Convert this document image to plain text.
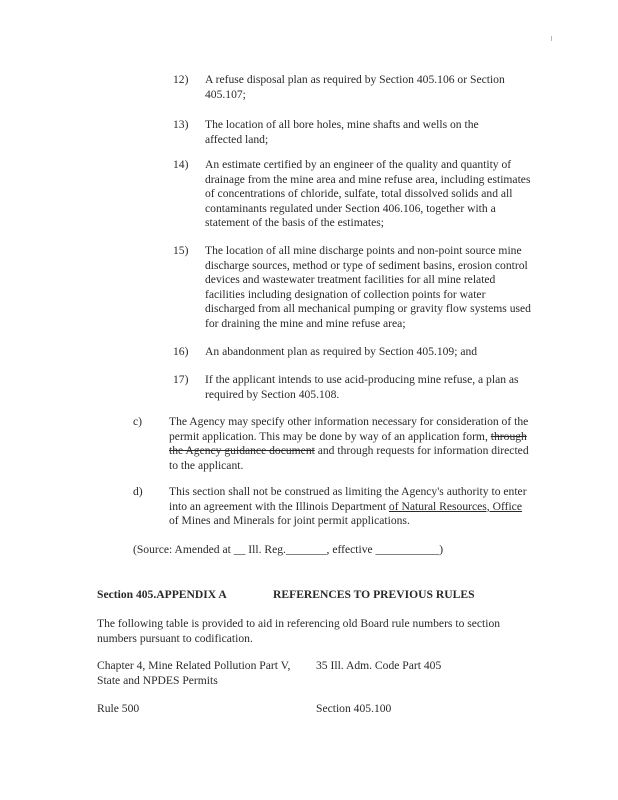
12) A refuse disposal plan as required by Section 405.106 or Section 405.107;
13) The location of all bore holes, mine shafts and wells on the affected land;
14) An estimate certified by an engineer of the quality and quantity of drainage from the mine area and mine refuse area, including estimates of concentrations of chloride, sulfate, total dissolved solids and all contaminants regulated under Section 406.106, together with a statement of the basis of the estimates;
15) The location of all mine discharge points and non-point source mine discharge sources, method or type of sediment basins, erosion control devices and wastewater treatment facilities for all mine related facilities including designation of collection points for water discharged from all mechanical pumping or gravity flow systems used for draining the mine and mine refuse area;
16) An abandonment plan as required by Section 405.109; and
17) If the applicant intends to use acid-producing mine refuse, a plan as required by Section 405.108.
c) The Agency may specify other information necessary for consideration of the permit application. This may be done by way of an application form, through the Agency guidance document and through requests for information directed to the applicant.
d) This section shall not be construed as limiting the Agency's authority to enter into an agreement with the Illinois Department of Natural Resources, Office of Mines and Minerals for joint permit applications.
(Source: Amended at __ Ill. Reg._______, effective ___________)
Section 405.APPENDIX A	REFERENCES TO PREVIOUS RULES
The following table is provided to aid in referencing old Board rule numbers to section numbers pursuant to codification.
Chapter 4, Mine Related Pollution Part V, State and NPDES Permits
35 Ill. Adm. Code Part 405
Rule 500	Section 405.100
